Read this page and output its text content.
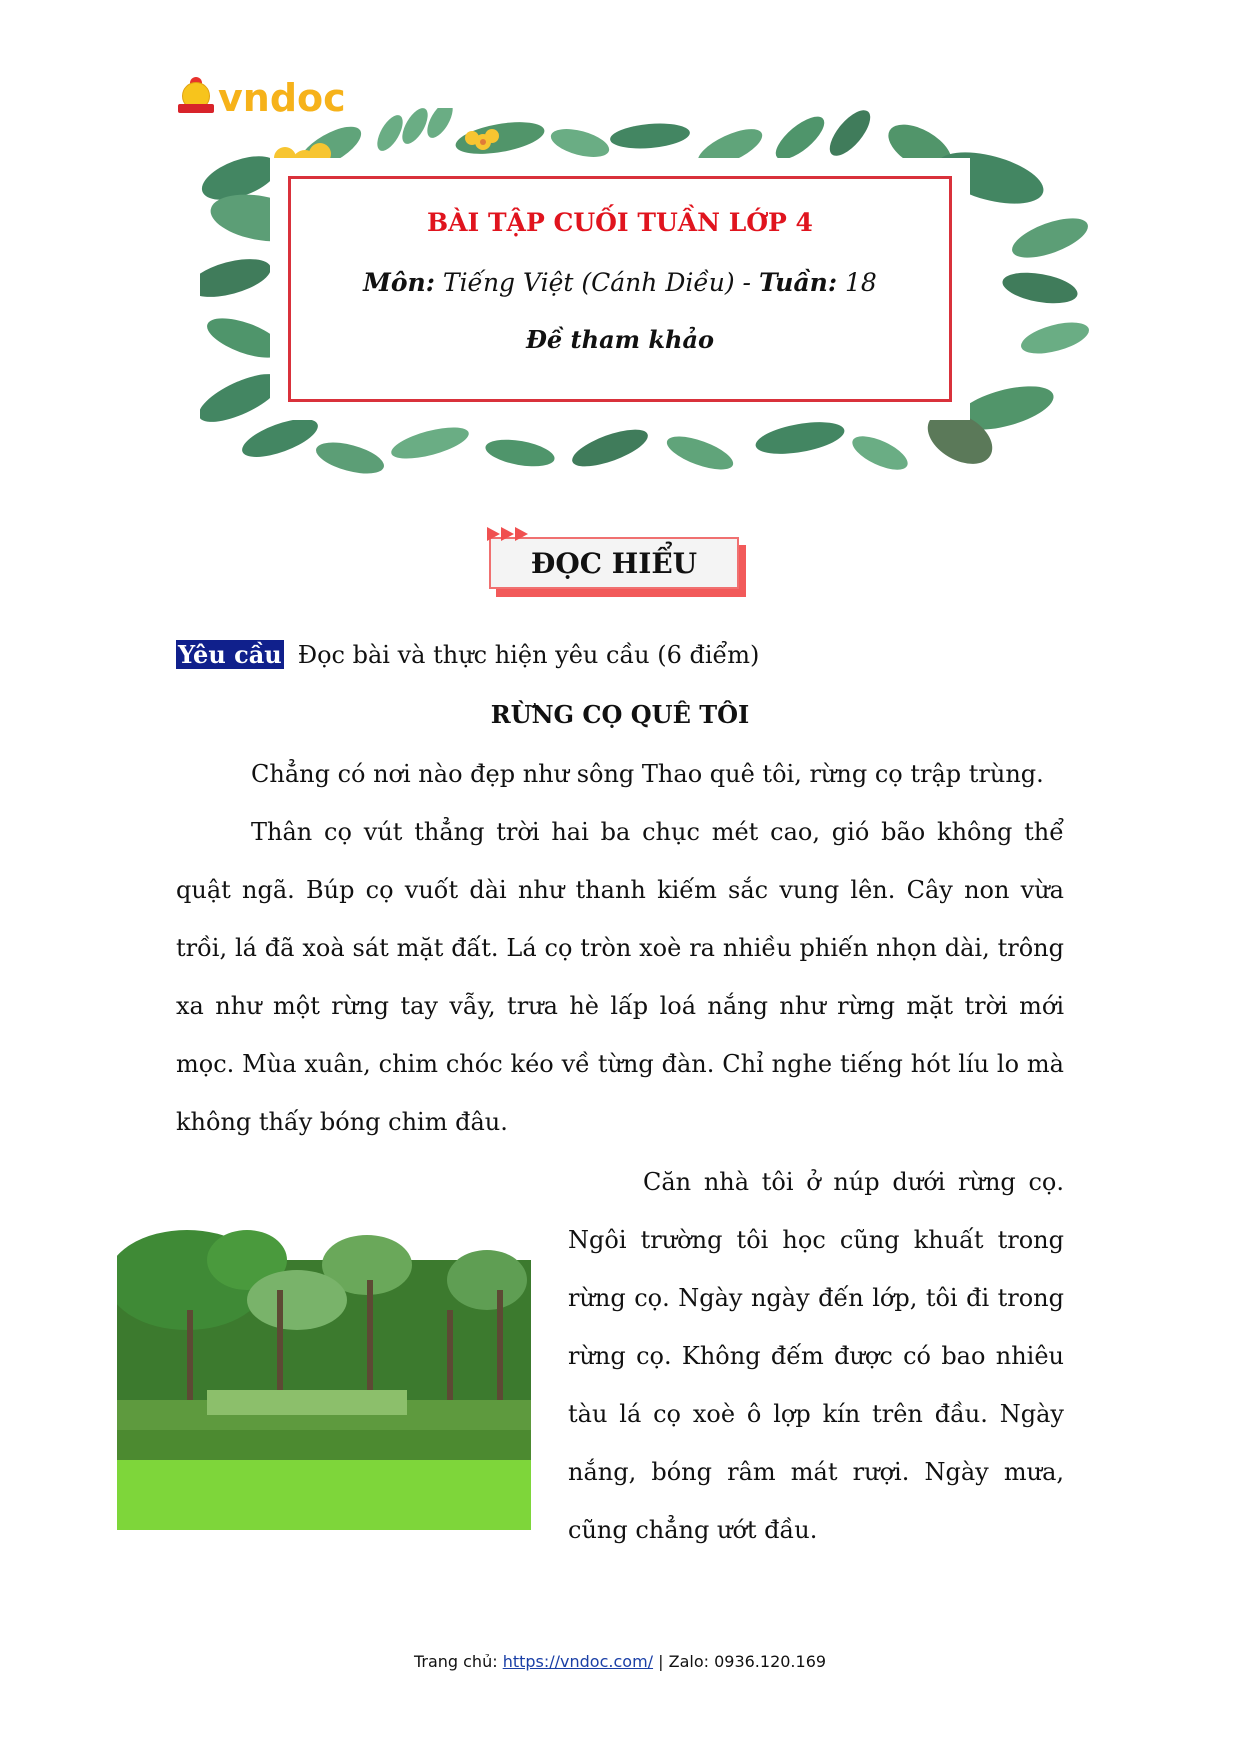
vndoc
BÀI TẬP CUỐI TUẦN LỚP 4
Môn: Tiếng Việt (Cánh Diều) - Tuần: 18
Đề tham khảo
ĐỌC HIỂU
Yêu cầu Đọc bài và thực hiện yêu cầu (6 điểm)
RỪNG CỌ QUÊ TÔI
Chẳng có nơi nào đẹp như sông Thao quê tôi, rừng cọ trập trùng.
Thân cọ vút thẳng trời hai ba chục mét cao, gió bão không thể quật ngã. Búp cọ vuốt dài như thanh kiếm sắc vung lên. Cây non vừa trồi, lá đã xoà sát mặt đất. Lá cọ tròn xoè ra nhiều phiến nhọn dài, trông xa như một rừng tay vẫy, trưa hè lấp loá nắng như rừng mặt trời mới mọc. Mùa xuân, chim chóc kéo về từng đàn. Chỉ nghe tiếng hót líu lo mà không thấy bóng chim đâu.
Căn nhà tôi ở núp dưới rừng cọ. Ngôi trường tôi học cũng khuất trong rừng cọ. Ngày ngày đến lớp, tôi đi trong rừng cọ. Không đếm được có bao nhiêu tàu lá cọ xoè ô lợp kín trên đầu. Ngày nắng, bóng râm mát rượi. Ngày mưa, cũng chẳng ướt đầu.
Trang chủ: https://vndoc.com/ | Zalo: 0936.120.169
